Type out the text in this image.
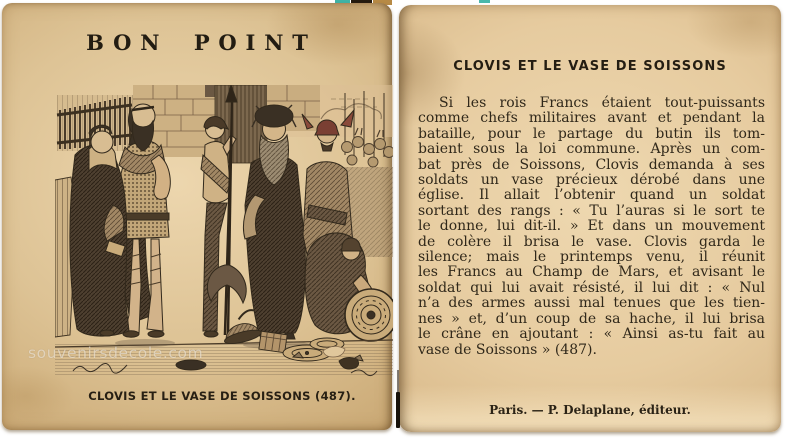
BON POINT
souvenirsdecole.com
CLOVIS ET LE VASE DE SOISSONS (487).
CLOVIS ET LE VASE DE SOISSONS
Si les rois Francs étaient tout-puissants
comme chefs militaires avant et pendant la
bataille, pour le partage du butin ils tom-
baient sous la loi commune. Après un com-
bat près de Soissons, Clovis demanda à ses
soldats un vase précieux dérobé dans une
église. Il allait l’obtenir quand un soldat
sortant des rangs : « Tu l’auras si le sort te
le donne, lui dit-il. » Et dans un mouvement
de colère il brisa le vase. Clovis garda le
silence; mais le printemps venu, il réunit
les Francs au Champ de Mars, et avisant le
soldat qui lui avait résisté, il lui dit : « Nul
n’a des armes aussi mal tenues que les tien-
nes » et, d’un coup de sa hache, il lui brisa
le crâne en ajoutant : « Ainsi as-tu fait au
vase de Soissons » (487).
Paris. — P. Delaplane, éditeur.
